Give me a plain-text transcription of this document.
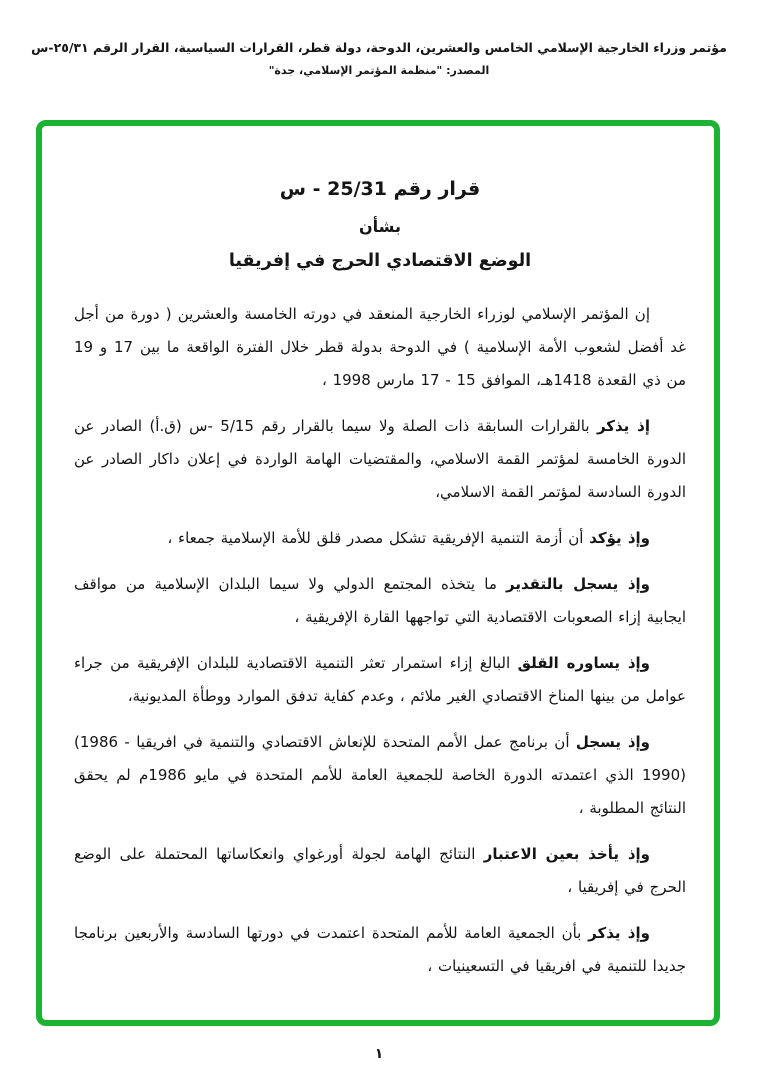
مؤتمر وزراء الخارجية الإسلامي الخامس والعشرين، الدوحة، دولة قطر، القرارات السياسية، القرار الرقم ٢٥/٣١-س
المصدر: "منظمة المؤتمر الإسلامي، جدة"
قرار رقم 25/31 - س
بشأن
الوضع الاقتصادي الحرج في إفريقيا

إن المؤتمر الإسلامي لوزراء الخارجية المنعقد في دورته الخامسة والعشرين ( دورة من أجل غد أفضل لشعوب الأمة الإسلامية ) في الدوحة بدولة قطر خلال الفترة الواقعة ما بين 17 و 19 من ذي القعدة 1418هـ، الموافق 15 - 17 مارس 1998 ،

إذ يذكر بالقرارات السابقة ذات الصلة ولا سيما بالقرار رقم 5/15 -س (ق.أ) الصادر عن الدورة الخامسة لمؤتمر القمة الاسلامي، والمقتضيات الهامة الواردة في إعلان داكار الصادر عن الدورة السادسة لمؤتمر القمة الاسلامي،

وإذ يؤكد أن أزمة التنمية الإفريقية تشكل مصدر قلق للأمة الإسلامية جمعاء ،

وإذ يسجل بالتقدير ما يتخذه المجتمع الدولي ولا سيما البلدان الإسلامية من مواقف ايجابية إزاء الصعوبات الاقتصادية التي تواجهها القارة الإفريقية ،

وإذ يساوره القلق البالغ إزاء استمرار تعثر التنمية الاقتصادية للبلدان الإفريقية من جراء عوامل من بينها المناخ الاقتصادي الغير ملائم ، وعدم كفاية تدفق الموارد ووطأة المديونية،

وإذ يسجل أن برنامج عمل الأمم المتحدة للإنعاش الاقتصادي والتنمية في افريقيا ‪(1986 - 1990)‬ الذي اعتمدته الدورة الخاصة للجمعية العامة للأمم المتحدة في مايو 1986م لم يحقق النتائج المطلوبة ،

وإذ يأخذ بعين الاعتبار النتائج الهامة لجولة أورغواي وانعكاساتها المحتملة على الوضع الحرج في إفريقيا ،

وإذ يذكر بأن الجمعية العامة للأمم المتحدة اعتمدت في دورتها السادسة والأربعين برنامجا جديدا للتنمية في افريقيا في التسعينيات ،

١
